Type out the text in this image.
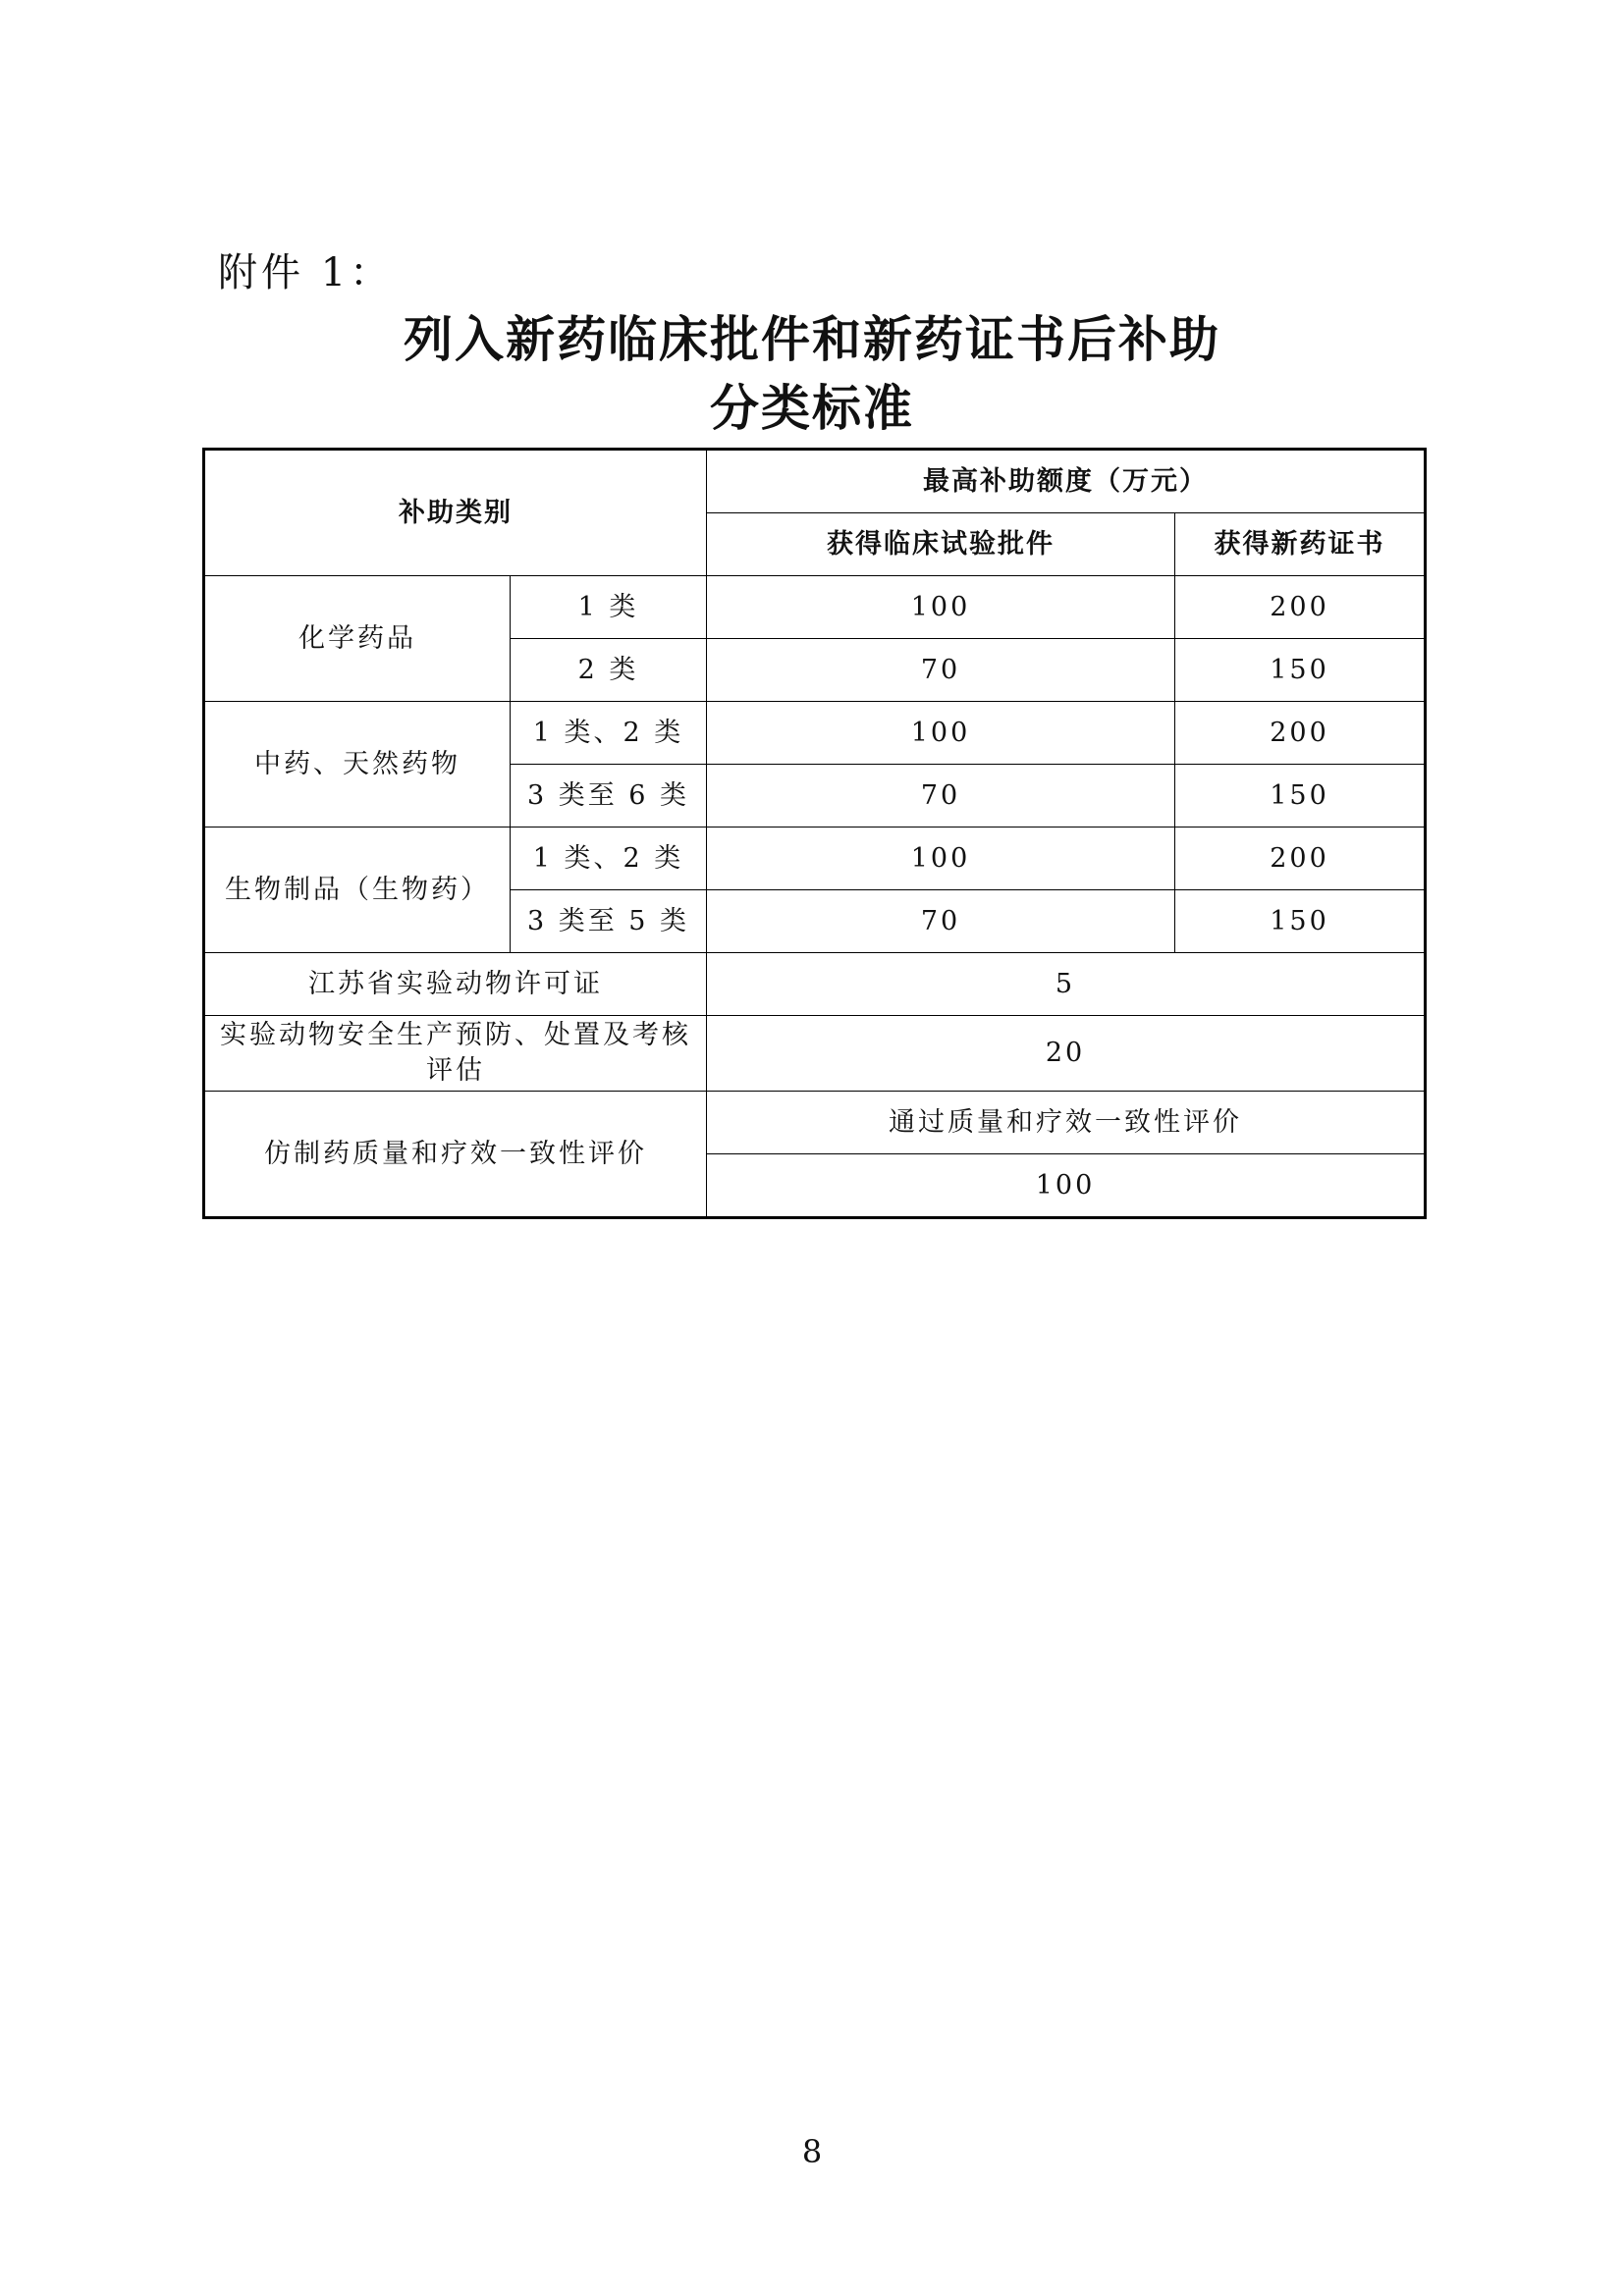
附件 1：
列入新药临床批件和新药证书后补助
分类标准
补助类别		最高补助额度（万元）	
		获得临床试验批件	获得新药证书
化学药品	1 类	100	200
	2 类	70	150
中药、天然药物	1 类、2 类	100	200
	3 类至 6 类	70	150
生物制品（生物药）	1 类、2 类	100	200
	3 类至 5 类	70	150
江苏省实验动物许可证		5	
实验动物安全生产预防、处置及考核评估		20	
仿制药质量和疗效一致性评价		通过质量和疗效一致性评价	
		100	
8
